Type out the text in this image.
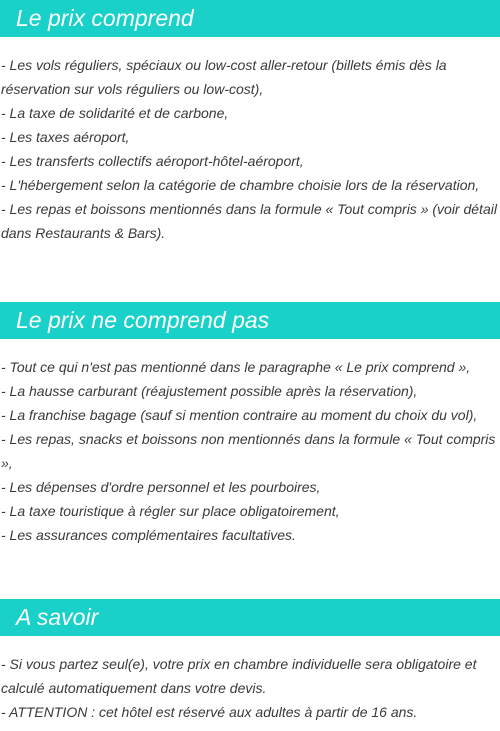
Le prix comprend
- Les vols réguliers, spéciaux ou low-cost aller-retour (billets émis dès la réservation sur vols réguliers ou low-cost),
- La taxe de solidarité et de carbone,
- Les taxes aéroport,
- Les transferts collectifs aéroport-hôtel-aéroport,
- L'hébergement selon la catégorie de chambre choisie lors de la réservation,
- Les repas et boissons mentionnés dans la formule « Tout compris » (voir détail dans Restaurants & Bars).
Le prix ne comprend pas
- Tout ce qui n'est pas mentionné dans le paragraphe « Le prix comprend »,
- La hausse carburant (réajustement possible après la réservation),
- La franchise bagage (sauf si mention contraire au moment du choix du vol),
- Les repas, snacks et boissons non mentionnés dans la formule « Tout compris »,
- Les dépenses d'ordre personnel et les pourboires,
- La taxe touristique à régler sur place obligatoirement,
- Les assurances complémentaires facultatives.
A savoir
- Si vous partez seul(e), votre prix en chambre individuelle sera obligatoire et calculé automatiquement dans votre devis.
- ATTENTION : cet hôtel est réservé aux adultes à partir de 16 ans.
